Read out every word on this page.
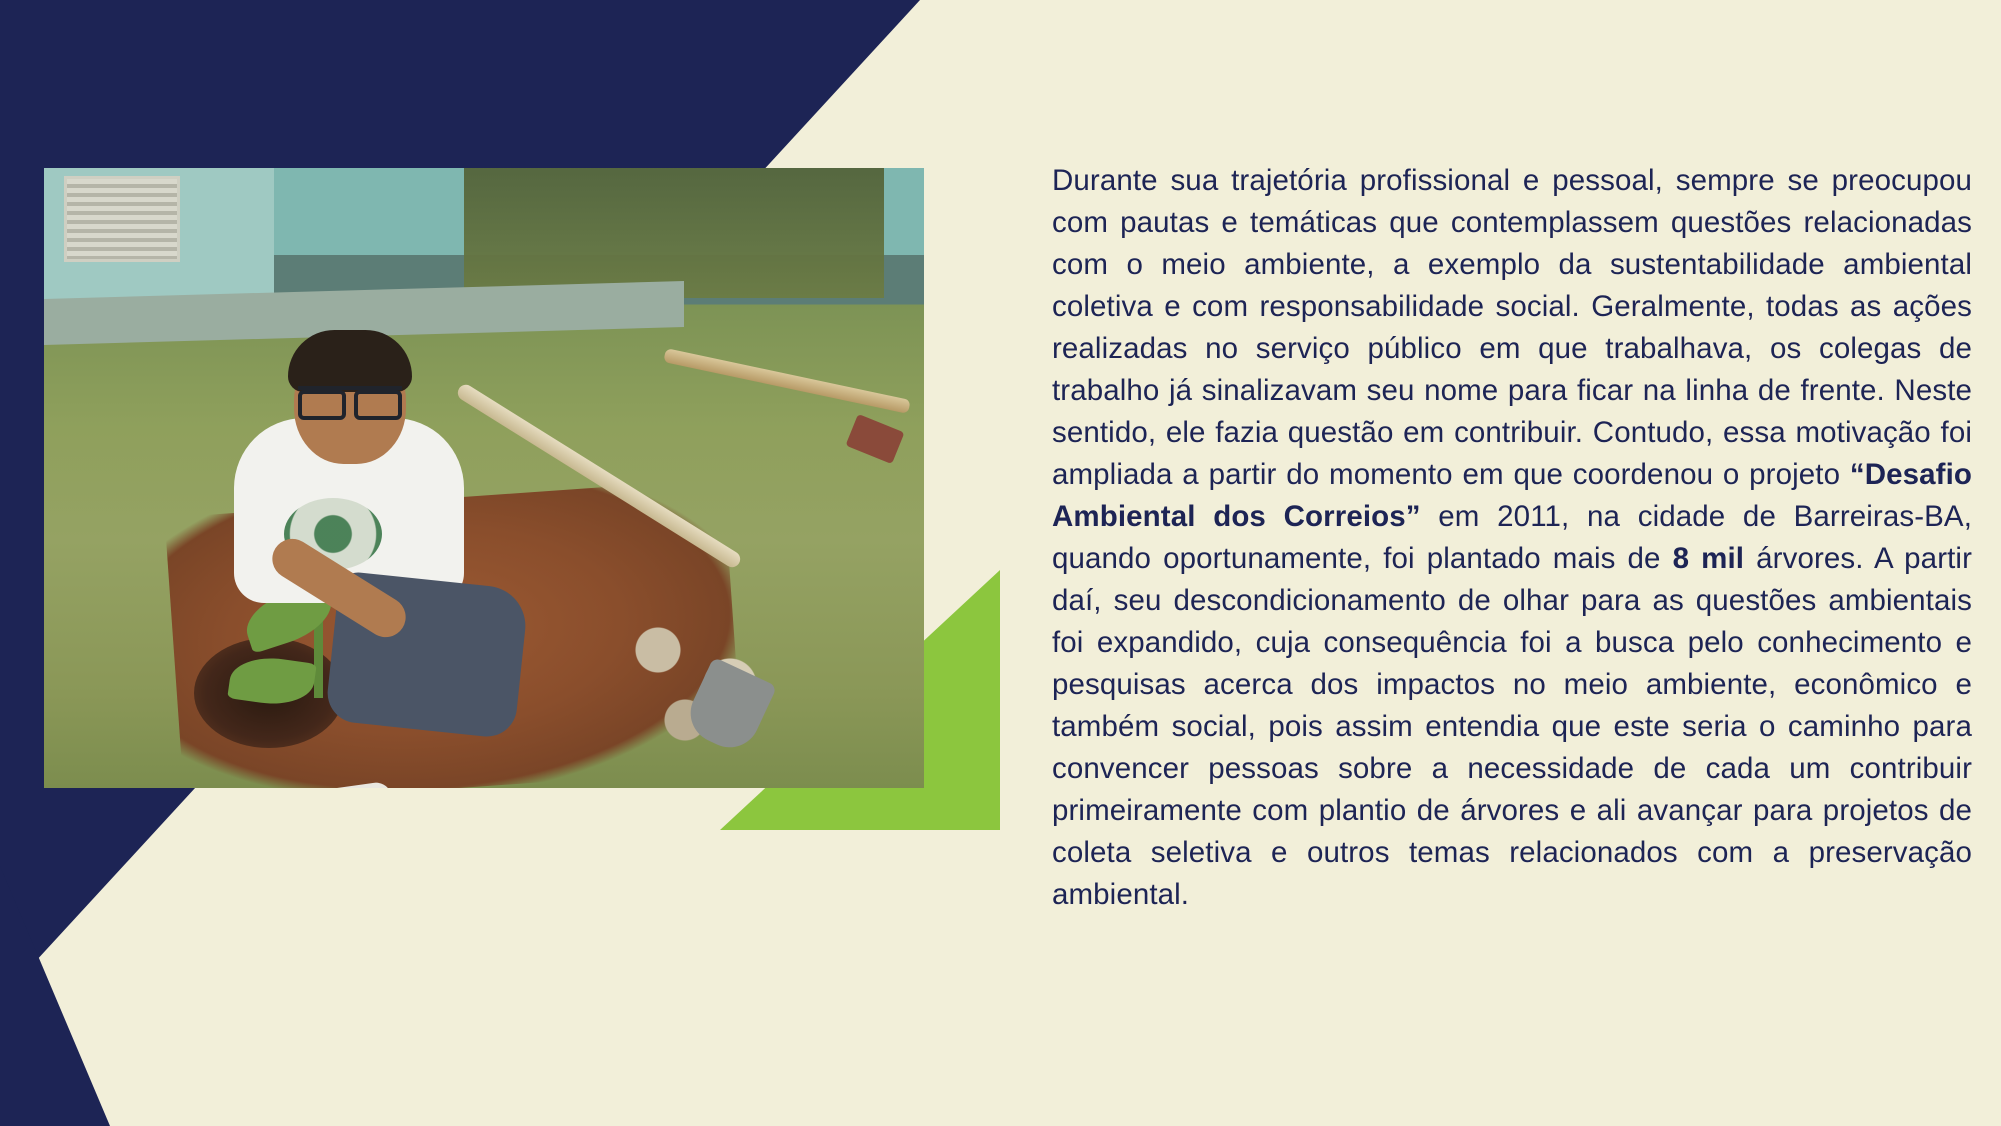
Durante sua trajetória profissional e pessoal, sempre se preocupou com pautas e temáticas que contemplassem questões relacionadas com o meio ambiente, a exemplo da sustentabilidade ambiental coletiva e com responsabilidade social. Geralmente, todas as ações realizadas no serviço público em que trabalhava, os colegas de trabalho já sinalizavam seu nome para ficar na linha de frente. Neste sentido, ele fazia questão em contribuir. Contudo, essa motivação foi ampliada a partir do momento em que coordenou o projeto “Desafio Ambiental dos Correios” em 2011, na cidade de Barreiras-BA, quando oportunamente, foi plantado mais de 8 mil árvores. A partir daí, seu descondicionamento de olhar para as questões ambientais foi expandido, cuja consequência foi a busca pelo conhecimento e pesquisas acerca dos impactos no meio ambiente, econômico e também social, pois assim entendia que este seria o caminho para convencer pessoas sobre a necessidade de cada um contribuir primeiramente com plantio de árvores e ali avançar para projetos de coleta seletiva e outros temas relacionados com a preservação ambiental.
